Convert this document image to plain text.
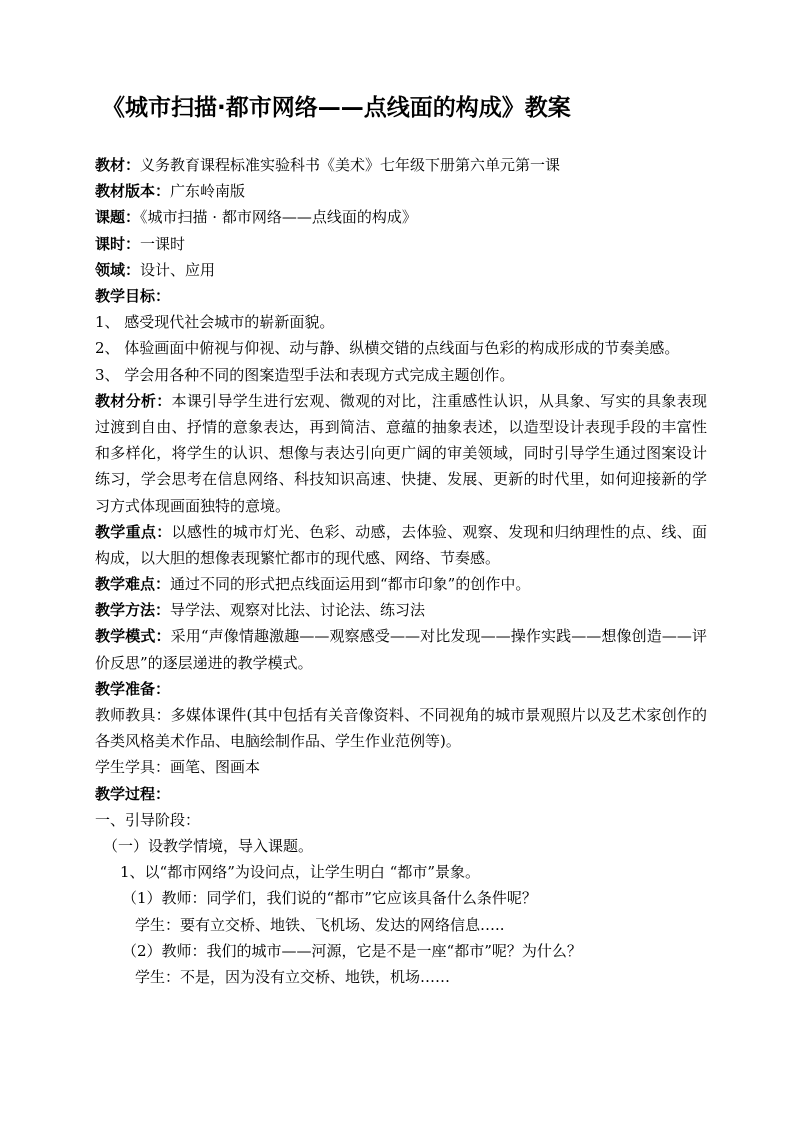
《城市扫描·都市网络——点线面的构成》教案
教材：义务教育课程标准实验科书《美术》七年级下册第六单元第一课
教材版本：广东岭南版
课题：《城市扫描 · 都市网络——点线面的构成》
课时：一课时
领域：设计、应用
教学目标：
1、 感受现代社会城市的崭新面貌。
2、 体验画面中俯视与仰视、动与静、纵横交错的点线面与色彩的构成形成的节奏美感。
3、 学会用各种不同的图案造型手法和表现方式完成主题创作。
教材分析：本课引导学生进行宏观、微观的对比，注重感性认识，从具象、写实的具象表现过渡到自由、抒情的意象表达，再到简洁、意蕴的抽象表述，以造型设计表现手段的丰富性和多样化，将学生的认识、想像与表达引向更广阔的审美领域，同时引导学生通过图案设计练习，学会思考在信息网络、科技知识高速、快捷、发展、更新的时代里，如何迎接新的学习方式体现画面独特的意境。
教学重点：以感性的城市灯光、色彩、动感，去体验、观察、发现和归纳理性的点、线、面构成，以大胆的想像表现繁忙都市的现代感、网络、节奏感。
教学难点：通过不同的形式把点线面运用到“都市印象”的创作中。
教学方法：导学法、观察对比法、讨论法、练习法
教学模式：采用“声像情趣激趣——观察感受——对比发现——操作实践——想像创造——评价反思”的逐层递进的教学模式。
教学准备：
教师教具：多媒体课件(其中包括有关音像资料、不同视角的城市景观照片以及艺术家创作的各类风格美术作品、电脑绘制作品、学生作业范例等)。
学生学具：画笔、图画本
教学过程：
一、引导阶段：
（一）设教学情境，导入课题。
1、以“都市网络”为设问点，让学生明白 “都市”景象。
（1）教师：同学们，我们说的“都市”它应该具备什么条件呢？
学生：要有立交桥、地铁、飞机场、发达的网络信息…..
（2）教师：我们的城市——河源，它是不是一座“都市”呢？为什么？
学生：不是，因为没有立交桥、地铁，机场……
